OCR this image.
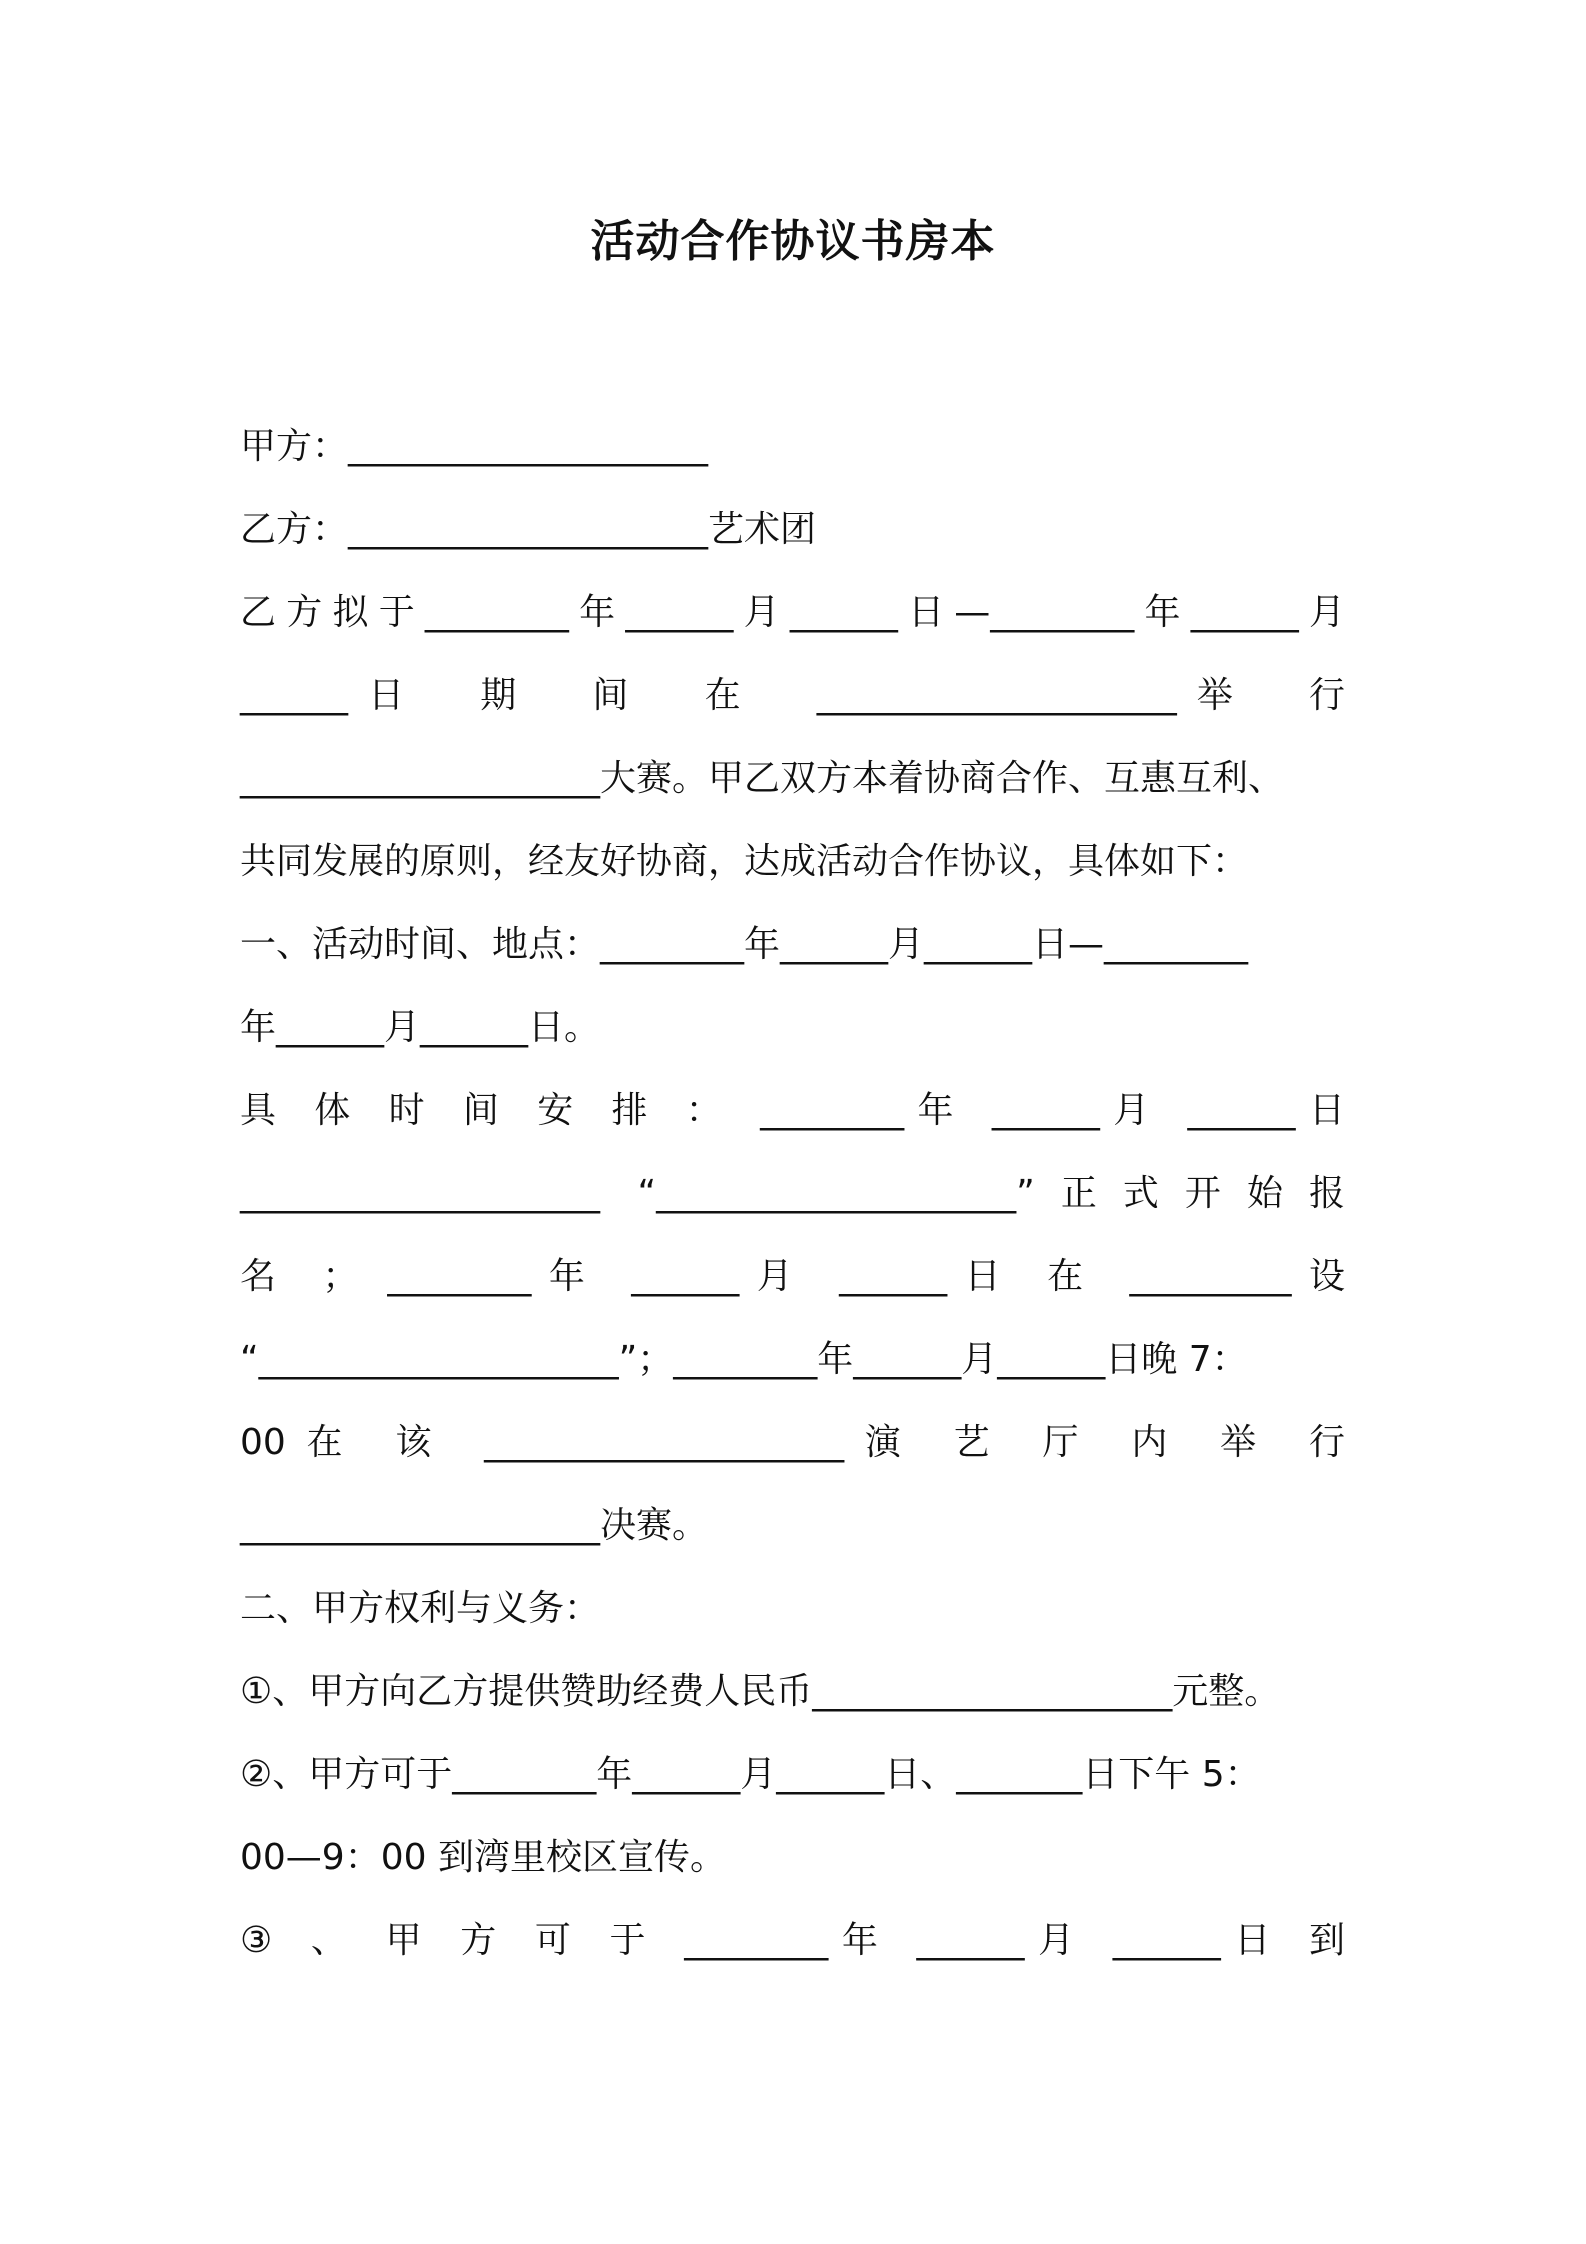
活动合作协议书房本
甲方：____________________
乙方：____________________艺术团
乙方拟于________年______月______日—________年______月
______日　期　间　在　____________________举　行
____________________大赛。甲乙双方本着协商合作、互惠互利、
共同发展的原则，经友好协商，达成活动合作协议，具体如下：
一、活动时间、地点：________年______月______日—________
年______月______日。
具 体 时 间 安 排 ： ________年 ______月 ______日
____________________ “____________________”正式开始报
名 ； ________年 ______月 ______日 在 _________设
“____________________”；________年______月______日晚 7：
00在 该 ____________________演 艺 厅 内 举 行
____________________决赛。
二、甲方权利与义务：
①、甲方向乙方提供赞助经费人民币____________________元整。
②、甲方可于________年______月______日、_______日下午 5：
00—9：00 到湾里校区宣传。
③ 、 甲 方 可 于 ________年 ______月 ______日 到
